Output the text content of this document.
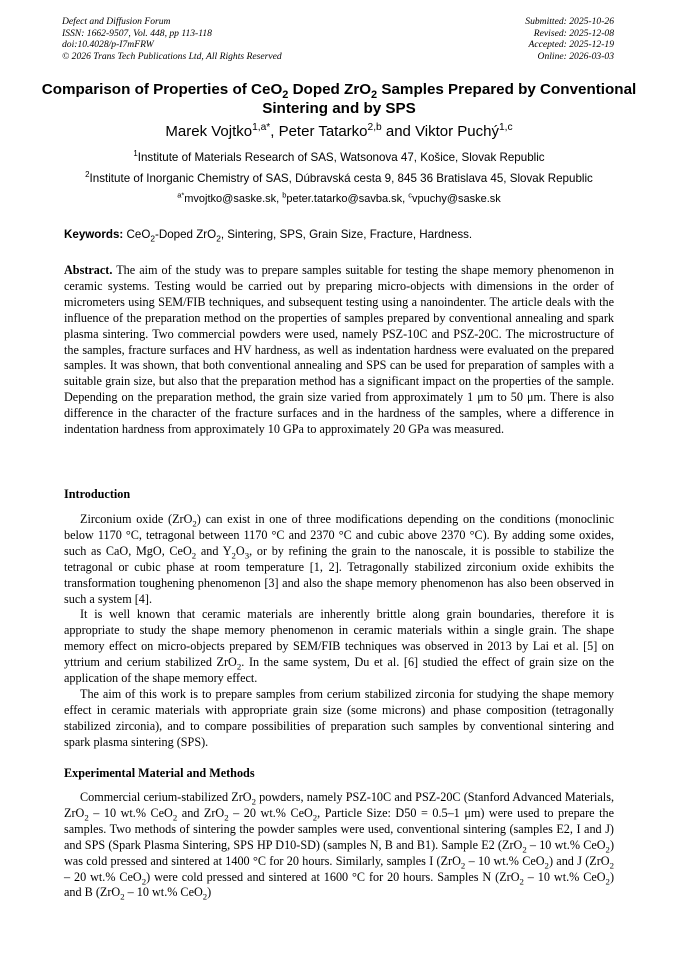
Defect and Diffusion Forum
ISSN: 1662-9507, Vol. 448, pp 113-118
doi:10.4028/p-I7mFRW
© 2026 Trans Tech Publications Ltd, All Rights Reserved
Submitted: 2025-10-26
Revised: 2025-12-08
Accepted: 2025-12-19
Online: 2026-03-03
Comparison of Properties of CeO$_2$ Doped ZrO$_2$ Samples Prepared by Conventional Sintering and by SPS
Marek Vojtko$^{1,a*}$, Peter Tatarko$^{2,b}$ and Viktor Puchý$^{1,c}$
$^1$Institute of Materials Research of SAS, Watsonova 47, Košice, Slovak Republic
$^2$Institute of Inorganic Chemistry of SAS, Dúbravská cesta 9, 845 36 Bratislava 45, Slovak Republic
$^{a*}$mvojtko@saske.sk, $^b$peter.tatarko@savba.sk, $^c$vpuchy@saske.sk
Keywords: CeO$_2$-Doped ZrO$_2$, Sintering, SPS, Grain Size, Fracture, Hardness.

Abstract. The aim of the study was to prepare samples suitable for testing the shape memory phenomenon in ceramic systems. Testing would be carried out by preparing micro-objects with dimensions in the order of micrometers using SEM/FIB techniques, and subsequent testing using a nanoindenter. The article deals with the influence of the preparation method on the properties of samples prepared by conventional annealing and spark plasma sintering. Two commercial powders were used, namely PSZ-10C and PSZ-20C. The microstructure of the samples, fracture surfaces and HV hardness, as well as indentation hardness were evaluated on the prepared samples. It was shown, that both conventional annealing and SPS can be used for preparation of samples with a suitable grain size, but also that the preparation method has a significant impact on the properties of the sample. Depending on the preparation method, the grain size varied from approximately 1 μm to 50 μm. There is also difference in the character of the fracture surfaces and in the hardness of the samples, where a difference in indentation hardness from approximately 10 GPa to approximately 20 GPa was measured.

Introduction

Zirconium oxide (ZrO$_2$) can exist in one of three modifications depending on the conditions (monoclinic below 1170 °C, tetragonal between 1170 °C and 2370 °C and cubic above 2370 °C). By adding some oxides, such as CaO, MgO, CeO$_2$ and $Y_2O_3$, or by refining the grain to the nanoscale, it is possible to stabilize the tetragonal or cubic phase at room temperature [1, 2]. Tetragonally stabilized zirconium oxide exhibits the transformation toughening phenomenon [3] and also the shape memory phenomenon has also been observed in such a system [4].

It is well known that ceramic materials are inherently brittle along grain boundaries, therefore it is appropriate to study the shape memory phenomenon in ceramic materials within a single grain. The shape memory effect on micro-objects prepared by SEM/FIB techniques was observed in 2013 by Lai et al. [5] on yttrium and cerium stabilized ZrO$_2$. In the same system, Du et al. [6] studied the effect of grain size on the application of the shape memory effect.

The aim of this work is to prepare samples from cerium stabilized zirconia for studying the shape memory effect in ceramic materials with appropriate grain size (some microns) and phase composition (tetragonally stabilized zirconia), and to compare possibilities of preparation such samples by conventional sintering and spark plasma sintering (SPS).

Experimental Material and Methods

Commercial cerium-stabilized ZrO$_2$ powders, namely PSZ-10C and PSZ-20C (Stanford Advanced Materials, ZrO$_2$ – 10 wt.% CeO$_2$ and ZrO$_2$ – 20 wt.% CeO$_2$, Particle Size: D50 = 0.5–1 μm) were used to prepare the samples. Two methods of sintering the powder samples were used, conventional sintering (samples E2, I and J) and SPS (Spark Plasma Sintering, SPS HP D10-SD) (samples N, B and B1). Sample E2 (ZrO$_2$ – 10 wt.% CeO$_2$) was cold pressed and sintered at 1400 °C for 20 hours. Similarly, samples I (ZrO$_2$ – 10 wt.% CeO$_2$) and J (ZrO$_2$ – 20 wt.% CeO$_2$) were cold pressed and sintered at 1600 °C for 20 hours. Samples N (ZrO$_2$ – 10 wt.% CeO$_2$) and B (ZrO$_2$ – 10 wt.% CeO$_2$)
